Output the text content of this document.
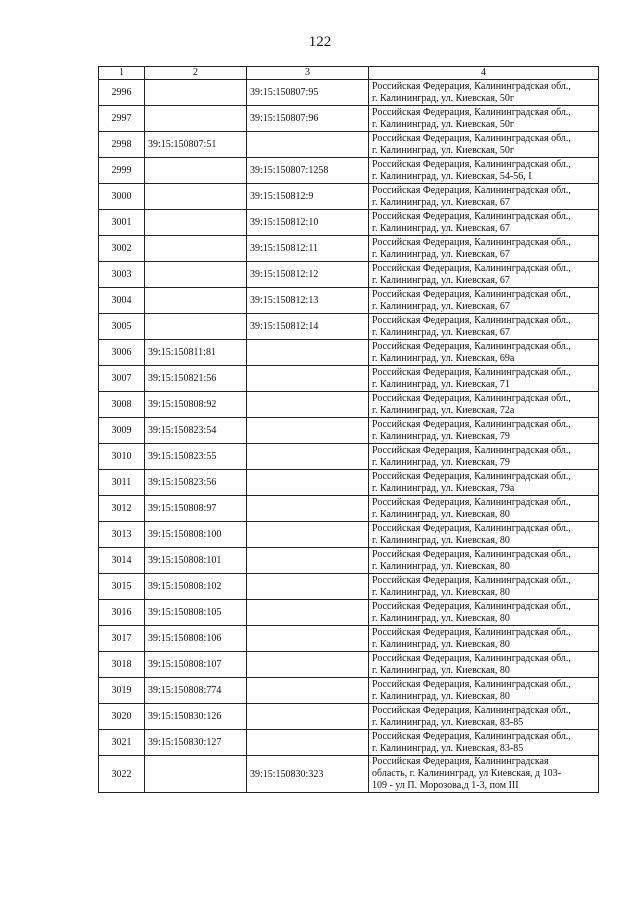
122
1	2	3	4
2996		39:15:150807:95	Российская Федерация, Калининградская обл.,
г. Калининград, ул. Киевская, 50г

2997		39:15:150807:96	Российская Федерация, Калининградская обл.,
г. Калининград, ул. Киевская, 50г

2998	39:15:150807:51		Российская Федерация, Калининградская обл.,
г. Калининград, ул. Киевская, 50г

2999		39:15:150807:1258	Российская Федерация, Калининградская обл.,
г. Калининград, ул. Киевская, 54-56, I

3000		39:15:150812:9	Российская Федерация, Калининградская обл.,
г. Калининград, ул. Киевская, 67

3001		39:15:150812:10	Российская Федерация, Калининградская обл.,
г. Калининград, ул. Киевская, 67

3002		39:15:150812:11	Российская Федерация, Калининградская обл.,
г. Калининград, ул. Киевская, 67

3003		39:15:150812:12	Российская Федерация, Калининградская обл.,
г. Калининград, ул. Киевская, 67

3004		39:15:150812:13	Российская Федерация, Калининградская обл.,
г. Калининград, ул. Киевская, 67

3005		39:15:150812:14	Российская Федерация, Калининградская обл.,
г. Калининград, ул. Киевская, 67

3006	39:15:150811:81		Российская Федерация, Калининградская обл.,
г. Калининград, ул. Киевская, 69а

3007	39:15:150821:56		Российская Федерация, Калининградская обл.,
г. Калининград, ул. Киевская, 71

3008	39:15:150808:92		Российская Федерация, Калининградская обл.,
г. Калининград, ул. Киевская, 72а

3009	39:15:150823:54		Российская Федерация, Калининградская обл.,
г. Калининград, ул. Киевская, 79

3010	39:15:150823:55		Российская Федерация, Калининградская обл.,
г. Калининград, ул. Киевская, 79

3011	39:15:150823:56		Российская Федерация, Калининградская обл.,
г. Калининград, ул. Киевская, 79а

3012	39:15:150808:97		Российская Федерация, Калининградская обл.,
г. Калининград, ул. Киевская, 80

3013	39:15:150808:100		Российская Федерация, Калининградская обл.,
г. Калининград, ул. Киевская, 80

3014	39:15:150808:101		Российская Федерация, Калининградская обл.,
г. Калининград, ул. Киевская, 80

3015	39:15:150808:102		Российская Федерация, Калининградская обл.,
г. Калининград, ул. Киевская, 80

3016	39:15:150808:105		Российская Федерация, Калининградская обл.,
г. Калининград, ул. Киевская, 80

3017	39:15:150808:106		Российская Федерация, Калининградская обл.,
г. Калининград, ул. Киевская, 80

3018	39:15:150808:107		Российская Федерация, Калининградская обл.,
г. Калининград, ул. Киевская, 80

3019	39:15:150808:774		Российская Федерация, Калининградская обл.,
г. Калининград, ул. Киевская, 80

3020	39:15:150830:126		Российская Федерация, Калининградская обл.,
г. Калининград, ул. Киевская, 83-85

3021	39:15:150830:127		Российская Федерация, Калининградская обл.,
г. Калининград, ул. Киевская, 83-85

3022		39:15:150830:323	Российская Федерация, Калининградская
область, г. Калининград, ул Киевская, д 103-
109 - ул П. Морозова,д 1-3, пом III
